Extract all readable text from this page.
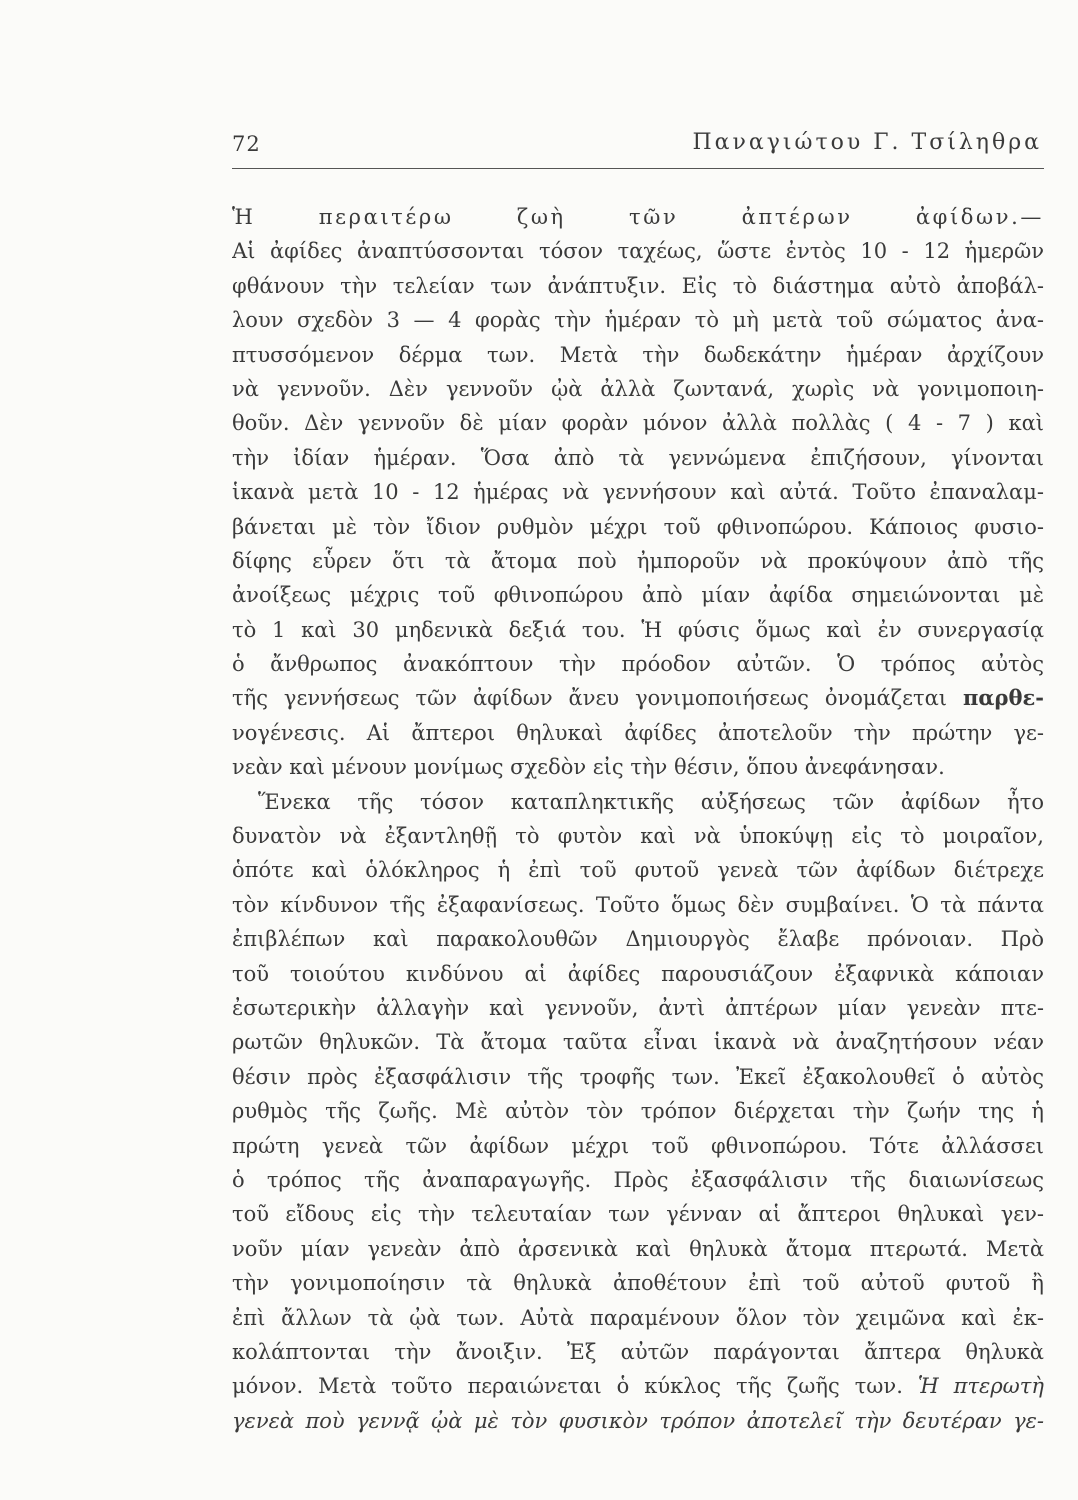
72	Παναγιώτου Γ. Τσίληθρα
Ἡ περαιτέρω ζωὴ τῶν ἀπτέρων ἀφίδων.—
Αἱ ἀφίδες ἀναπτύσσονται τόσον ταχέως, ὥστε ἐντὸς 10 - 12 ἡμερῶν
φθάνουν τὴν τελείαν των ἀνάπτυξιν. Εἰς τὸ διάστημα αὐτὸ ἀποβάλ-
λουν σχεδὸν 3 — 4 φορὰς τὴν ἡμέραν τὸ μὴ μετὰ τοῦ σώματος ἀνα-
πτυσσόμενον δέρμα των. Μετὰ τὴν δωδεκάτην ἡμέραν ἀρχίζουν
νὰ γεννοῦν. Δὲν γεννοῦν ᾠὰ ἀλλὰ ζωντανά, χωρὶς νὰ γονιμοποιη-
θοῦν. Δὲν γεννοῦν δὲ μίαν φορὰν μόνον ἀλλὰ πολλὰς ( 4 - 7 ) καὶ
τὴν ἰδίαν ἡμέραν. Ὅσα ἀπὸ τὰ γεννώμενα ἐπιζήσουν, γίνονται
ἱκανὰ μετὰ 10 - 12 ἡμέρας νὰ γεννήσουν καὶ αὐτά. Τοῦτο ἐπαναλαμ-
βάνεται μὲ τὸν ἴδιον ρυθμὸν μέχρι τοῦ φθινοπώρου. Κάποιος φυσιο-
δίφης εὗρεν ὅτι τὰ ἄτομα ποὺ ἠμποροῦν νὰ προκύψουν ἀπὸ τῆς
ἀνοίξεως μέχρις τοῦ φθινοπώρου ἀπὸ μίαν ἀφίδα σημειώνονται μὲ
τὸ 1 καὶ 30 μηδενικὰ δεξιά του. Ἡ φύσις ὅμως καὶ ἐν συνεργασίᾳ
ὁ ἄνθρωπος ἀνακόπτουν τὴν πρόοδον αὐτῶν. Ὁ τρόπος αὐτὸς
τῆς γεννήσεως τῶν ἀφίδων ἄνευ γονιμοποιήσεως ὀνομάζεται παρθε-
νογένεσις. Αἱ ἄπτεροι θηλυκαὶ ἀφίδες ἀποτελοῦν τὴν πρώτην γε-
νεὰν καὶ μένουν μονίμως σχεδὸν εἰς τὴν θέσιν, ὅπου ἀνεφάνησαν.
Ἕνεκα τῆς τόσον καταπληκτικῆς αὐξήσεως τῶν ἀφίδων ἦτο
δυνατὸν νὰ ἐξαντληθῇ τὸ φυτὸν καὶ νὰ ὑποκύψῃ εἰς τὸ μοιραῖον,
ὁπότε καὶ ὁλόκληρος ἡ ἐπὶ τοῦ φυτοῦ γενεὰ τῶν ἀφίδων διέτρεχε
τὸν κίνδυνον τῆς ἐξαφανίσεως. Τοῦτο ὅμως δὲν συμβαίνει. Ὁ τὰ πάντα
ἐπιβλέπων καὶ παρακολουθῶν Δημιουργὸς ἔλαβε πρόνοιαν. Πρὸ
τοῦ τοιούτου κινδύνου αἱ ἀφίδες παρουσιάζουν ἐξαφνικὰ κάποιαν
ἐσωτερικὴν ἀλλαγὴν καὶ γεννοῦν, ἀντὶ ἀπτέρων μίαν γενεὰν πτε-
ρωτῶν θηλυκῶν. Τὰ ἄτομα ταῦτα εἶναι ἱκανὰ νὰ ἀναζητήσουν νέαν
θέσιν πρὸς ἐξασφάλισιν τῆς τροφῆς των. Ἐκεῖ ἐξακολουθεῖ ὁ αὐτὸς
ρυθμὸς τῆς ζωῆς. Μὲ αὐτὸν τὸν τρόπον διέρχεται τὴν ζωήν της ἡ
πρώτη γενεὰ τῶν ἀφίδων μέχρι τοῦ φθινοπώρου. Τότε ἀλλάσσει
ὁ τρόπος τῆς ἀναπαραγωγῆς. Πρὸς ἐξασφάλισιν τῆς διαιωνίσεως
τοῦ εἴδους εἰς τὴν τελευταίαν των γένναν αἱ ἄπτεροι θηλυκαὶ γεν-
νοῦν μίαν γενεὰν ἀπὸ ἀρσενικὰ καὶ θηλυκὰ ἄτομα πτερωτά. Μετὰ
τὴν γονιμοποίησιν τὰ θηλυκὰ ἀποθέτουν ἐπὶ τοῦ αὐτοῦ φυτοῦ ἢ
ἐπὶ ἄλλων τὰ ᾠὰ των. Αὐτὰ παραμένουν ὅλον τὸν χειμῶνα καὶ ἐκ-
κολάπτονται τὴν ἄνοιξιν. Ἐξ αὐτῶν παράγονται ἄπτερα θηλυκὰ
μόνον. Μετὰ τοῦτο περαιώνεται ὁ κύκλος τῆς ζωῆς των. Ἡ πτερωτὴ
γενεὰ ποὺ γεννᾷ ᾠὰ μὲ τὸν φυσικὸν τρόπον ἀποτελεῖ τὴν δευτέραν γε-
